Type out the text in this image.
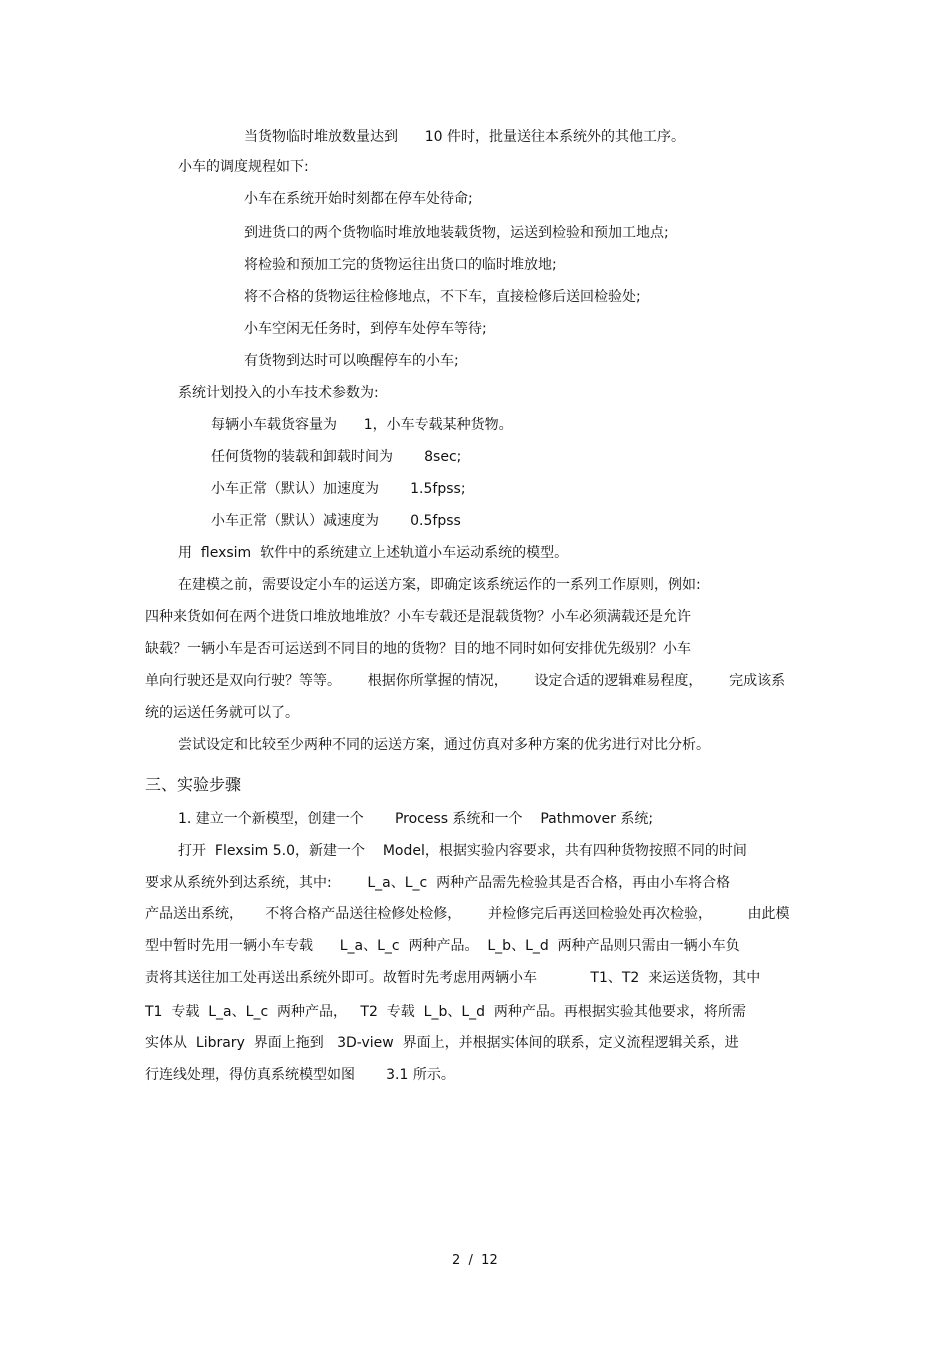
当货物临时堆放数量达到      10 件时，批量送往本系统外的其他工序。

小车的调度规程如下:

小车在系统开始时刻都在停车处待命;

到进货口的两个货物临时堆放地装载货物，运送到检验和预加工地点;

将检验和预加工完的货物运往出货口的临时堆放地;

将不合格的货物运往检修地点，不下车，直接检修后送回检验处;

小车空闲无任务时，到停车处停车等待;

有货物到达时可以唤醒停车的小车;

系统计划投入的小车技术参数为:

每辆小车载货容量为      1，小车专载某种货物。

任何货物的装载和卸载时间为       8sec;

小车正常（默认）加速度为       1.5fpss;

小车正常（默认）减速度为       0.5fpss

用  flexsim  软件中的系统建立上述轨道小车运动系统的模型。

在建模之前，需要设定小车的运送方案，即确定该系统运作的一系列工作原则，例如:

四种来货如何在两个进货口堆放地堆放？小车专载还是混载货物？小车必须满载还是允许

缺载？一辆小车是否可运送到不同目的地的货物？目的地不同时如何安排优先级别？小车

单向行驶还是双向行驶？等等。      根据你所掌握的情况，      设定合适的逻辑难易程度，      完成该系

统的运送任务就可以了。

尝试设定和比较至少两种不同的运送方案，通过仿真对多种方案的优劣进行对比分析。

三、实验步骤

1. 建立一个新模型，创建一个       Process 系统和一个    Pathmover 系统;

打开  Flexsim 5.0，新建一个    Model，根据实验内容要求，共有四种货物按照不同的时间

要求从系统外到达系统，其中:        L_a、L_c  两种产品需先检验其是否合格，再由小车将合格

产品送出系统，     不将合格产品送往检修处检修，      并检修完后再送回检验处再次检验，        由此模

型中暂时先用一辆小车专载      L_a、L_c  两种产品。  L_b、L_d  两种产品则只需由一辆小车负

责将其送往加工处再送出系统外即可。故暂时先考虑用两辆小车            T1、T2  来运送货物，其中

T1  专载  L_a、L_c  两种产品，   T2  专载  L_b、L_d  两种产品。再根据实验其他要求，将所需

实体从  Library  界面上拖到   3D-view  界面上，并根据实体间的联系，定义流程逻辑关系，进

行连线处理，得仿真系统模型如图       3.1 所示。

2  /  12
